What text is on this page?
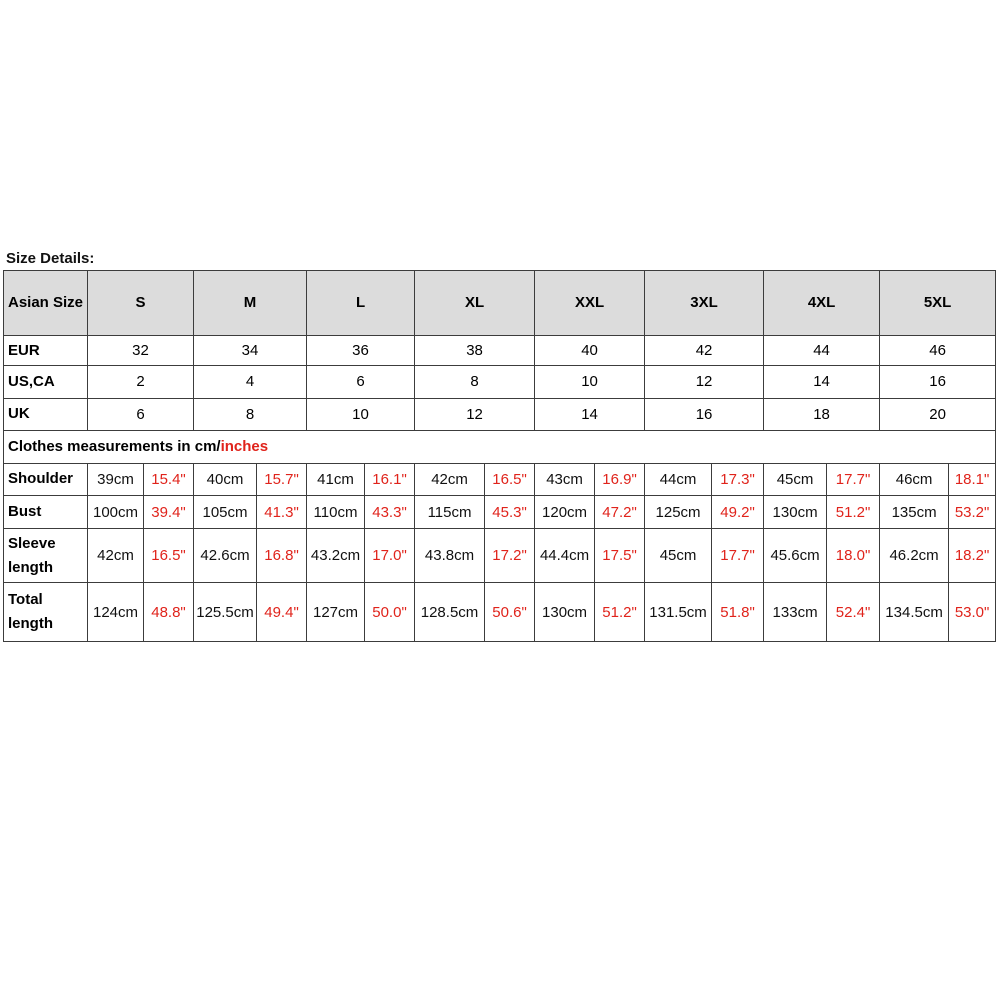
Size Details:
Asian Size	S		M		L		XL		XXL		3XL		4XL		5XL	
EUR	32		34		36		38		40		42		44		46	
US,CA	2		4		6		8		10		12		14		16	
UK	6		8		10		12		14		16		18		20	
Clothes measurements in cm/inches																
Shoulder	39cm	15.4"	40cm	15.7"	41cm	16.1"	42cm	16.5"	43cm	16.9"	44cm	17.3"	45cm	17.7"	46cm	18.1"
Bust	100cm	39.4"	105cm	41.3"	110cm	43.3"	115cm	45.3"	120cm	47.2"	125cm	49.2"	130cm	51.2"	135cm	53.2"
Sleeve length	42cm	16.5"	42.6cm	16.8"	43.2cm	17.0"	43.8cm	17.2"	44.4cm	17.5"	45cm	17.7"	45.6cm	18.0"	46.2cm	18.2"
Total length	124cm	48.8"	125.5cm	49.4"	127cm	50.0"	128.5cm	50.6"	130cm	51.2"	131.5cm	51.8"	133cm	52.4"	134.5cm	53.0"
